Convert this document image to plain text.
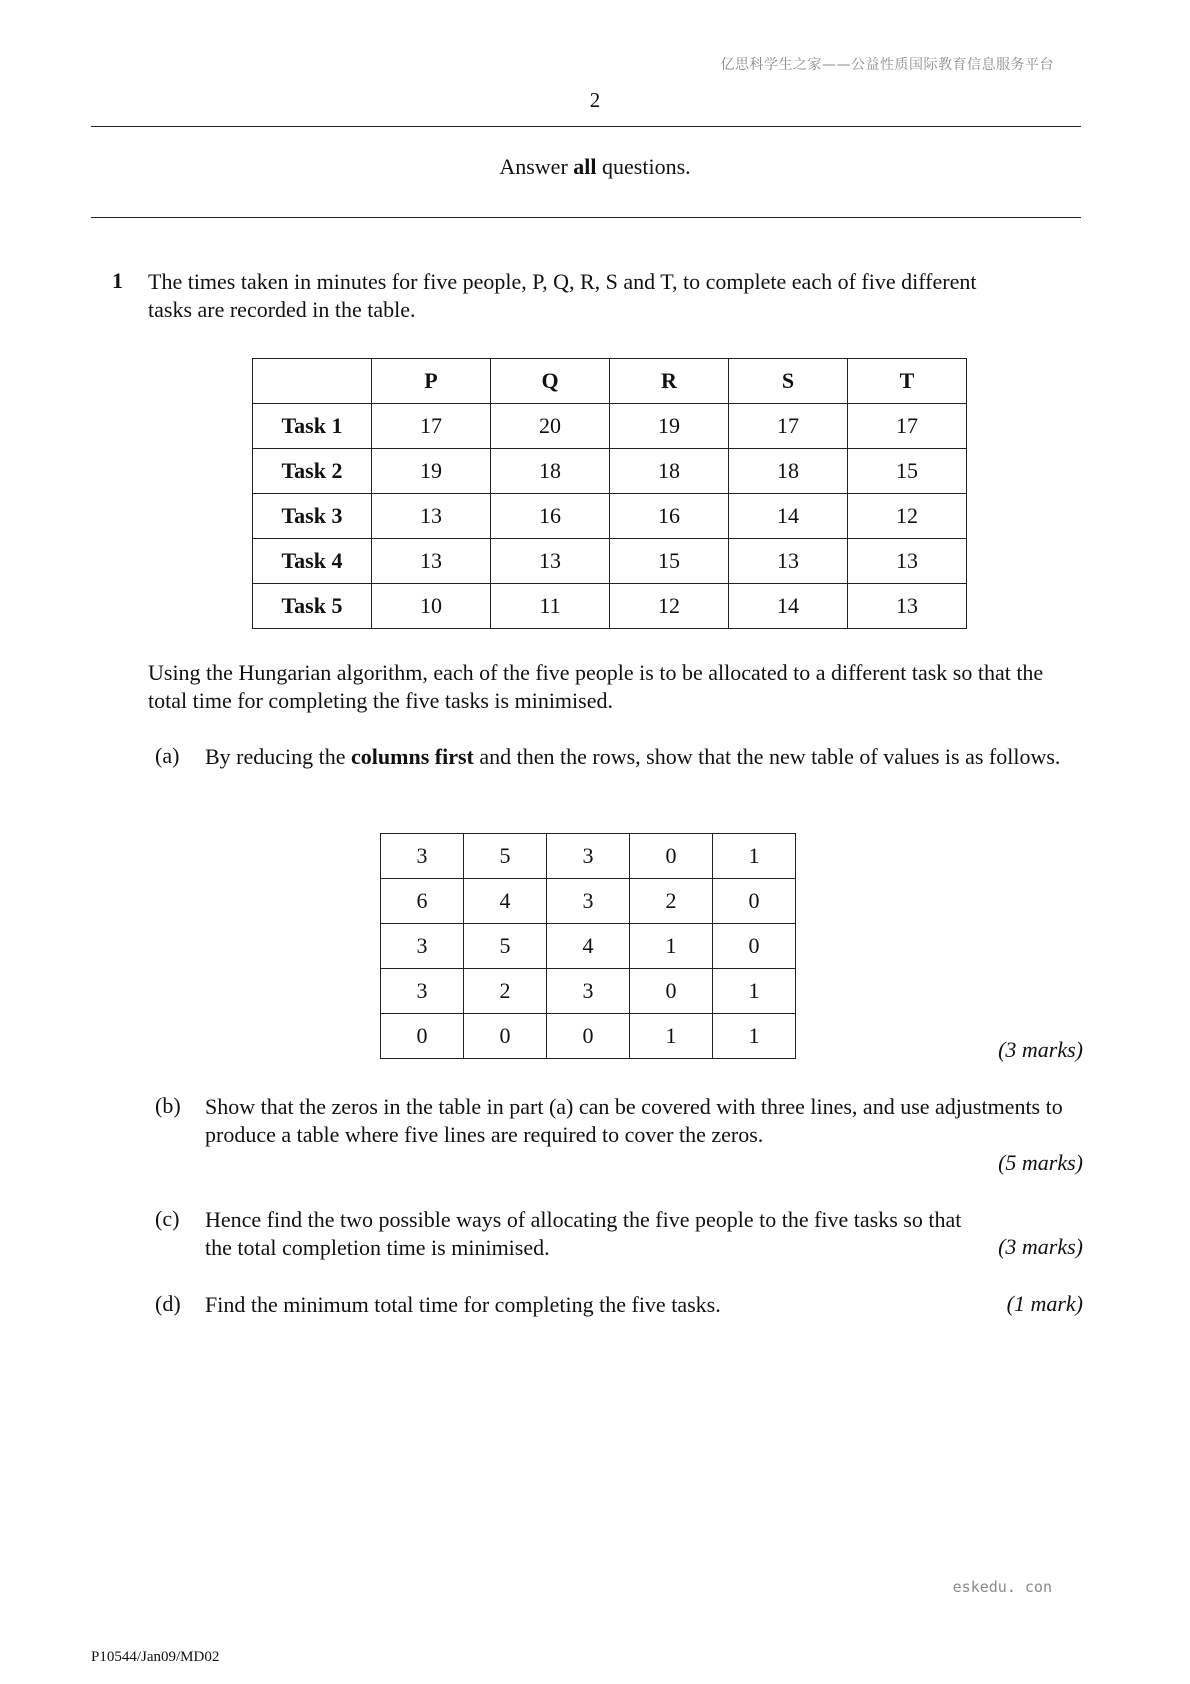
亿思科学生之家——公益性质国际教育信息服务平台
2
Answer all questions.
1 The times taken in minutes for five people, P, Q, R, S and T, to complete each of five different tasks are recorded in the table.
	P	Q	R	S	T
Task 1	17	20	19	17	17
Task 2	19	18	18	18	15
Task 3	13	16	16	14	12
Task 4	13	13	15	13	13
Task 5	10	11	12	14	13
Using the Hungarian algorithm, each of the five people is to be allocated to a different task so that the total time for completing the five tasks is minimised.
(a) By reducing the columns first and then the rows, show that the new table of values is as follows.
3	5	3	0	1
6	4	3	2	0
3	5	4	1	0
3	2	3	0	1
0	0	0	1	1
(3 marks)
(b) Show that the zeros in the table in part (a) can be covered with three lines, and use adjustments to produce a table where five lines are required to cover the zeros.
(5 marks)
(c) Hence find the two possible ways of allocating the five people to the five tasks so that
the total completion time is minimised.	(3 marks)
(d) Find the minimum total time for completing the five tasks.	(1 mark)
eskedu. con
P10544/Jan09/MD02
